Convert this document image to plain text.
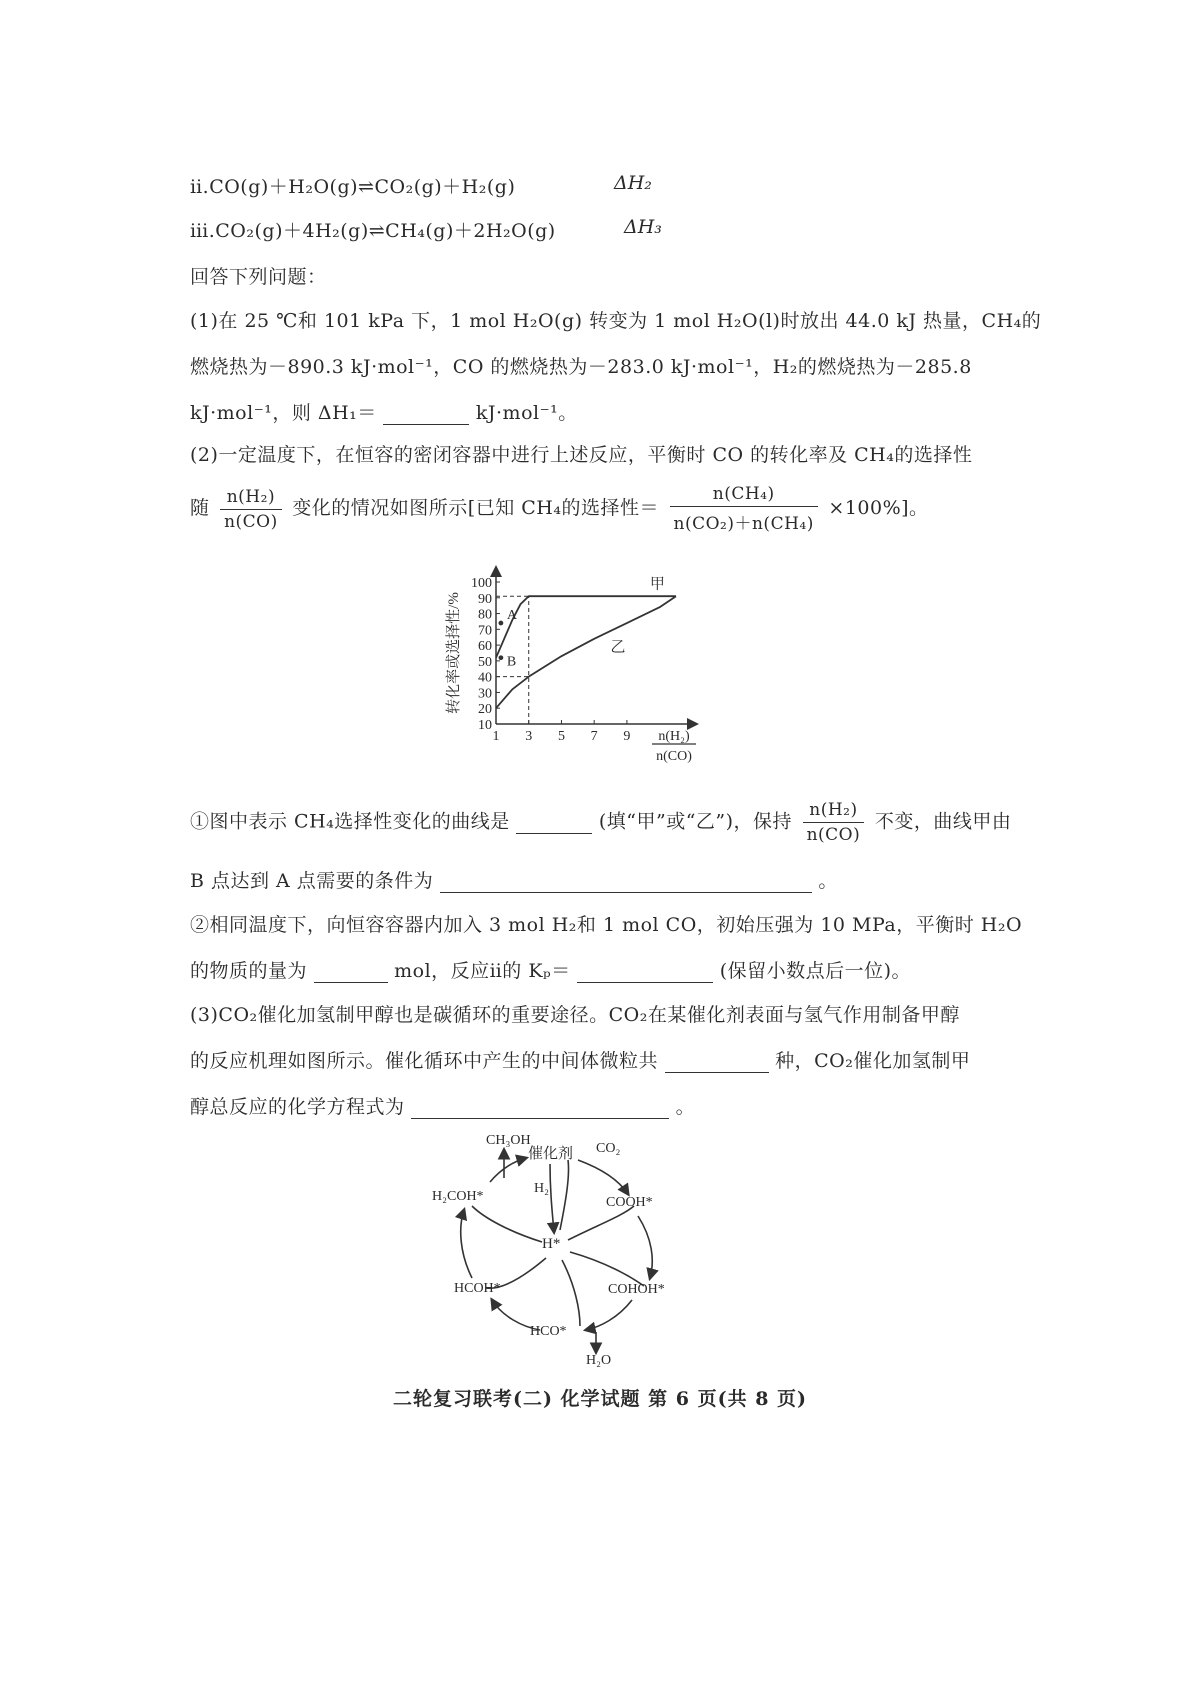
ⅱ.CO(g)＋H₂O(g)⇌CO₂(g)＋H₂(g)	ΔH₂
ⅲ.CO₂(g)＋4H₂(g)⇌CH₄(g)＋2H₂O(g)	ΔH₃
回答下列问题：
(1)在 25 ℃和 101 kPa 下，1 mol H₂O(g) 转变为 1 mol H₂O(l)时放出 44.0 kJ 热量，CH₄的
燃烧热为－890.3 kJ·mol⁻¹，CO 的燃烧热为－283.0 kJ·mol⁻¹，H₂的燃烧热为－285.8
kJ·mol⁻¹，则 ΔH₁＝	kJ·mol⁻¹。
(2)一定温度下，在恒容的密闭容器中进行上述反应，平衡时 CO 的转化率及 CH₄的选择性
随 $\frac{\text{n(H₂)}}{n(CO)}$ 变化的情况如图所示[已知 CH₄的选择性＝ $\frac{\text{n(CH₄)}}{\text{n(CO₂)＋n(CH₄)}} \times 100\%$]。
10
20
30
40
50
60
70
80
90
100
1 3 5 7 9
转化率或选择性/%
n(H₂)
n(CO)
甲
乙
A
B
①图中表示 CH₄选择性变化的曲线是	(填“甲”或“乙”)，保持 $\frac{\text{n(H₂)}}{n(CO)}$ 不变，曲线甲由
B 点达到 A 点需要的条件为	。
②相同温度下，向恒容容器内加入 3 mol H₂和 1 mol CO，初始压强为 10 MPa，平衡时 H₂O
的物质的量为	mol，反应ⅱ的 Kₚ＝	(保留小数点后一位)。
(3)CO₂催化加氢制甲醇也是碳循环的重要途径。CO₂在某催化剂表面与氢气作用制备甲醇
的反应机理如图所示。催化循环中产生的中间体微粒共	种，CO₂催化加氢制甲
醇总反应的化学方程式为	。
CH₃OH
催化剂 CO₂
H₂
H*
COOH*
COHOH*
HCO*
HCOH*
H₂COH*
H₂O
二轮复习联考(二) 化学试题 第 6 页(共 8 页)
